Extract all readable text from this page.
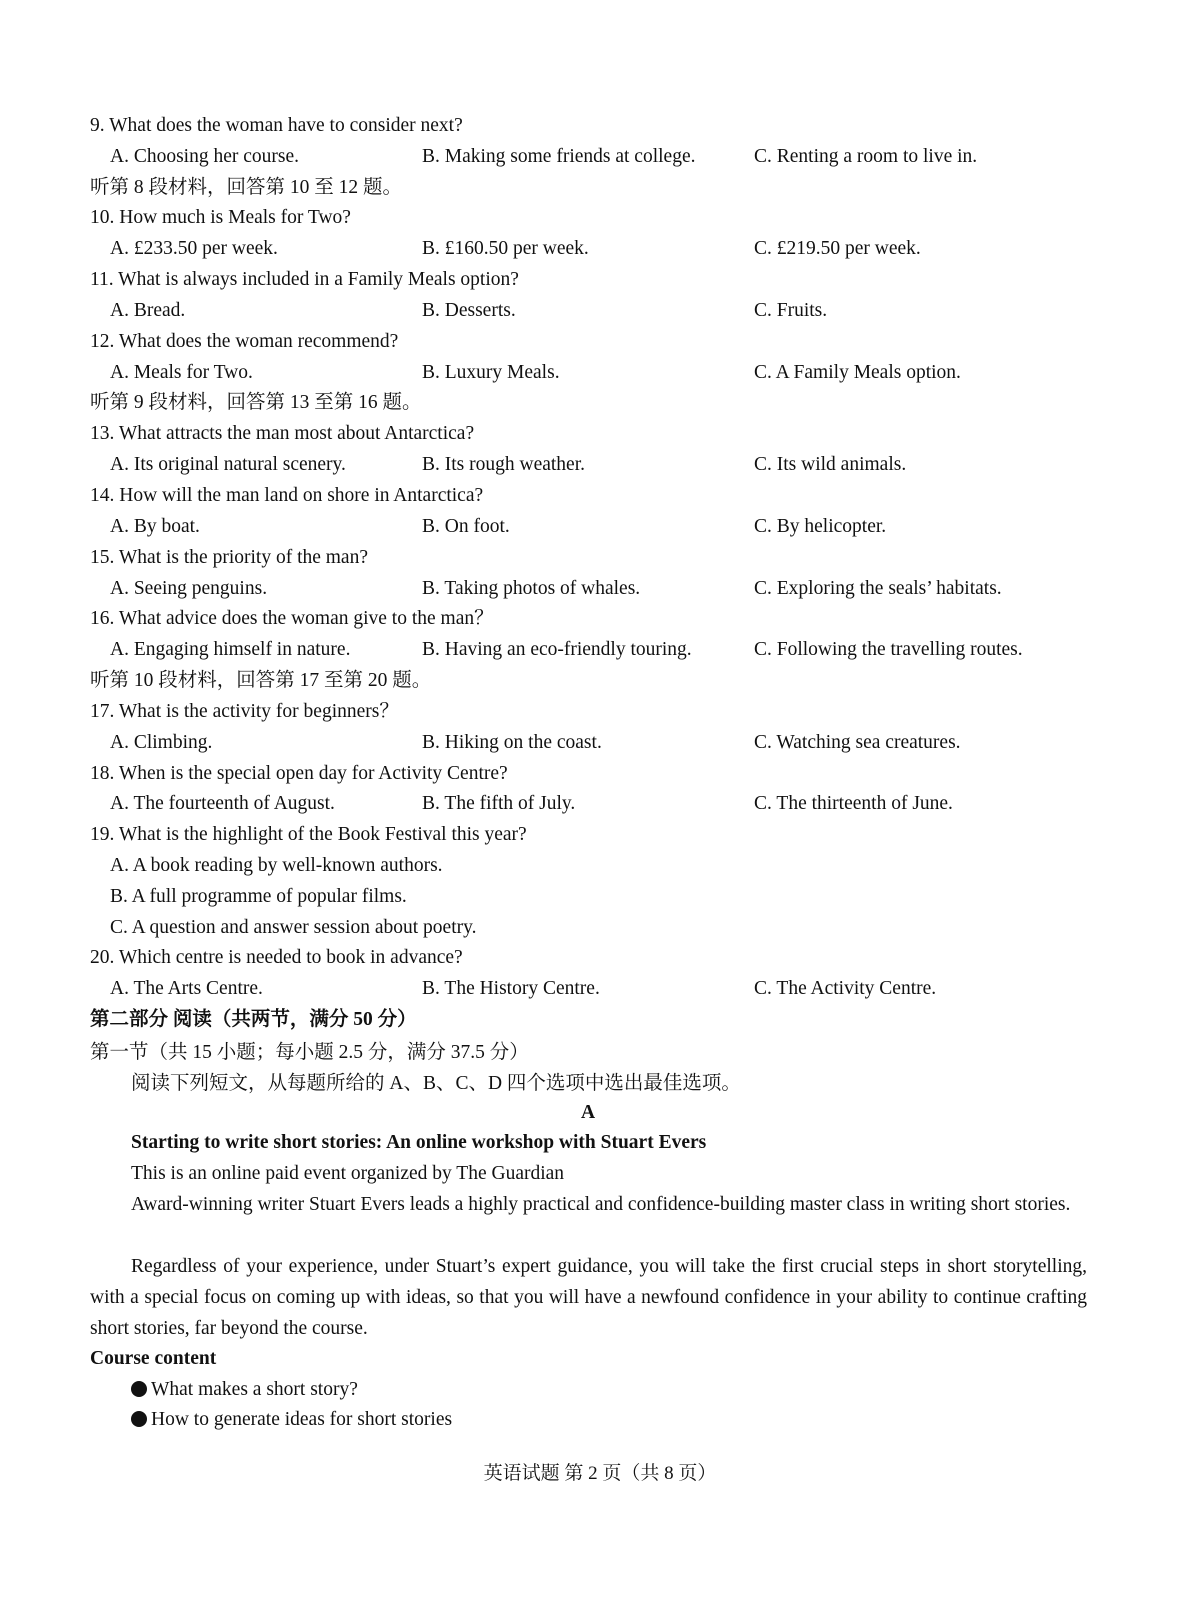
9. What does the woman have to consider next?
A. Choosing her course.	B. Making some friends at college.	C. Renting a room to live in.
听第 8 段材料，回答第 10 至 12 题。
10. How much is Meals for Two?
A. £233.50 per week.	B. £160.50 per week.	C. £219.50 per week.
11. What is always included in a Family Meals option?
A. Bread.	B. Desserts.	C. Fruits.
12. What does the woman recommend?
A. Meals for Two.	B. Luxury Meals.	C. A Family Meals option.
听第 9 段材料，回答第 13 至第 16 题。
13. What attracts the man most about Antarctica?
A. Its original natural scenery.	B. Its rough weather.	C. Its wild animals.
14. How will the man land on shore in Antarctica?
A. By boat.	B. On foot.	C. By helicopter.
15. What is the priority of the man?
A. Seeing penguins.	B. Taking photos of whales.	C. Exploring the seals’ habitats.
16. What advice does the woman give to the man？
A. Engaging himself in nature.	B. Having an eco-friendly touring.	C. Following the travelling routes.
听第 10 段材料，回答第 17 至第 20 题。
17. What is the activity for beginners？
A. Climbing.	B. Hiking on the coast.	C. Watching sea creatures.
18. When is the special open day for Activity Centre?
A. The fourteenth of August.	B. The fifth of July.	C. The thirteenth of June.
19. What is the highlight of the Book Festival this year?
A. A book reading by well-known authors.
B. A full programme of popular films.
C. A question and answer session about poetry.
20. Which centre is needed to book in advance?
A. The Arts Centre.	B. The History Centre.	C. The Activity Centre.
第二部分 阅读（共两节，满分 50 分）
第一节（共 15 小题；每小题 2.5 分，满分 37.5 分）
阅读下列短文，从每题所给的 A、B、C、D 四个选项中选出最佳选项。
A
Starting to write short stories: An online workshop with Stuart Evers
This is an online paid event organized by The Guardian
Award-winning writer Stuart Evers leads a highly practical and confidence-building master class in writing short stories.
Regardless of your experience, under Stuart’s expert guidance, you will take the first crucial steps in short storytelling, with a special focus on coming up with ideas, so that you will have a newfound confidence in your ability to continue crafting short stories, far beyond the course.
Course content
What makes a short story?
How to generate ideas for short stories
英语试题 第 2 页（共 8 页）
